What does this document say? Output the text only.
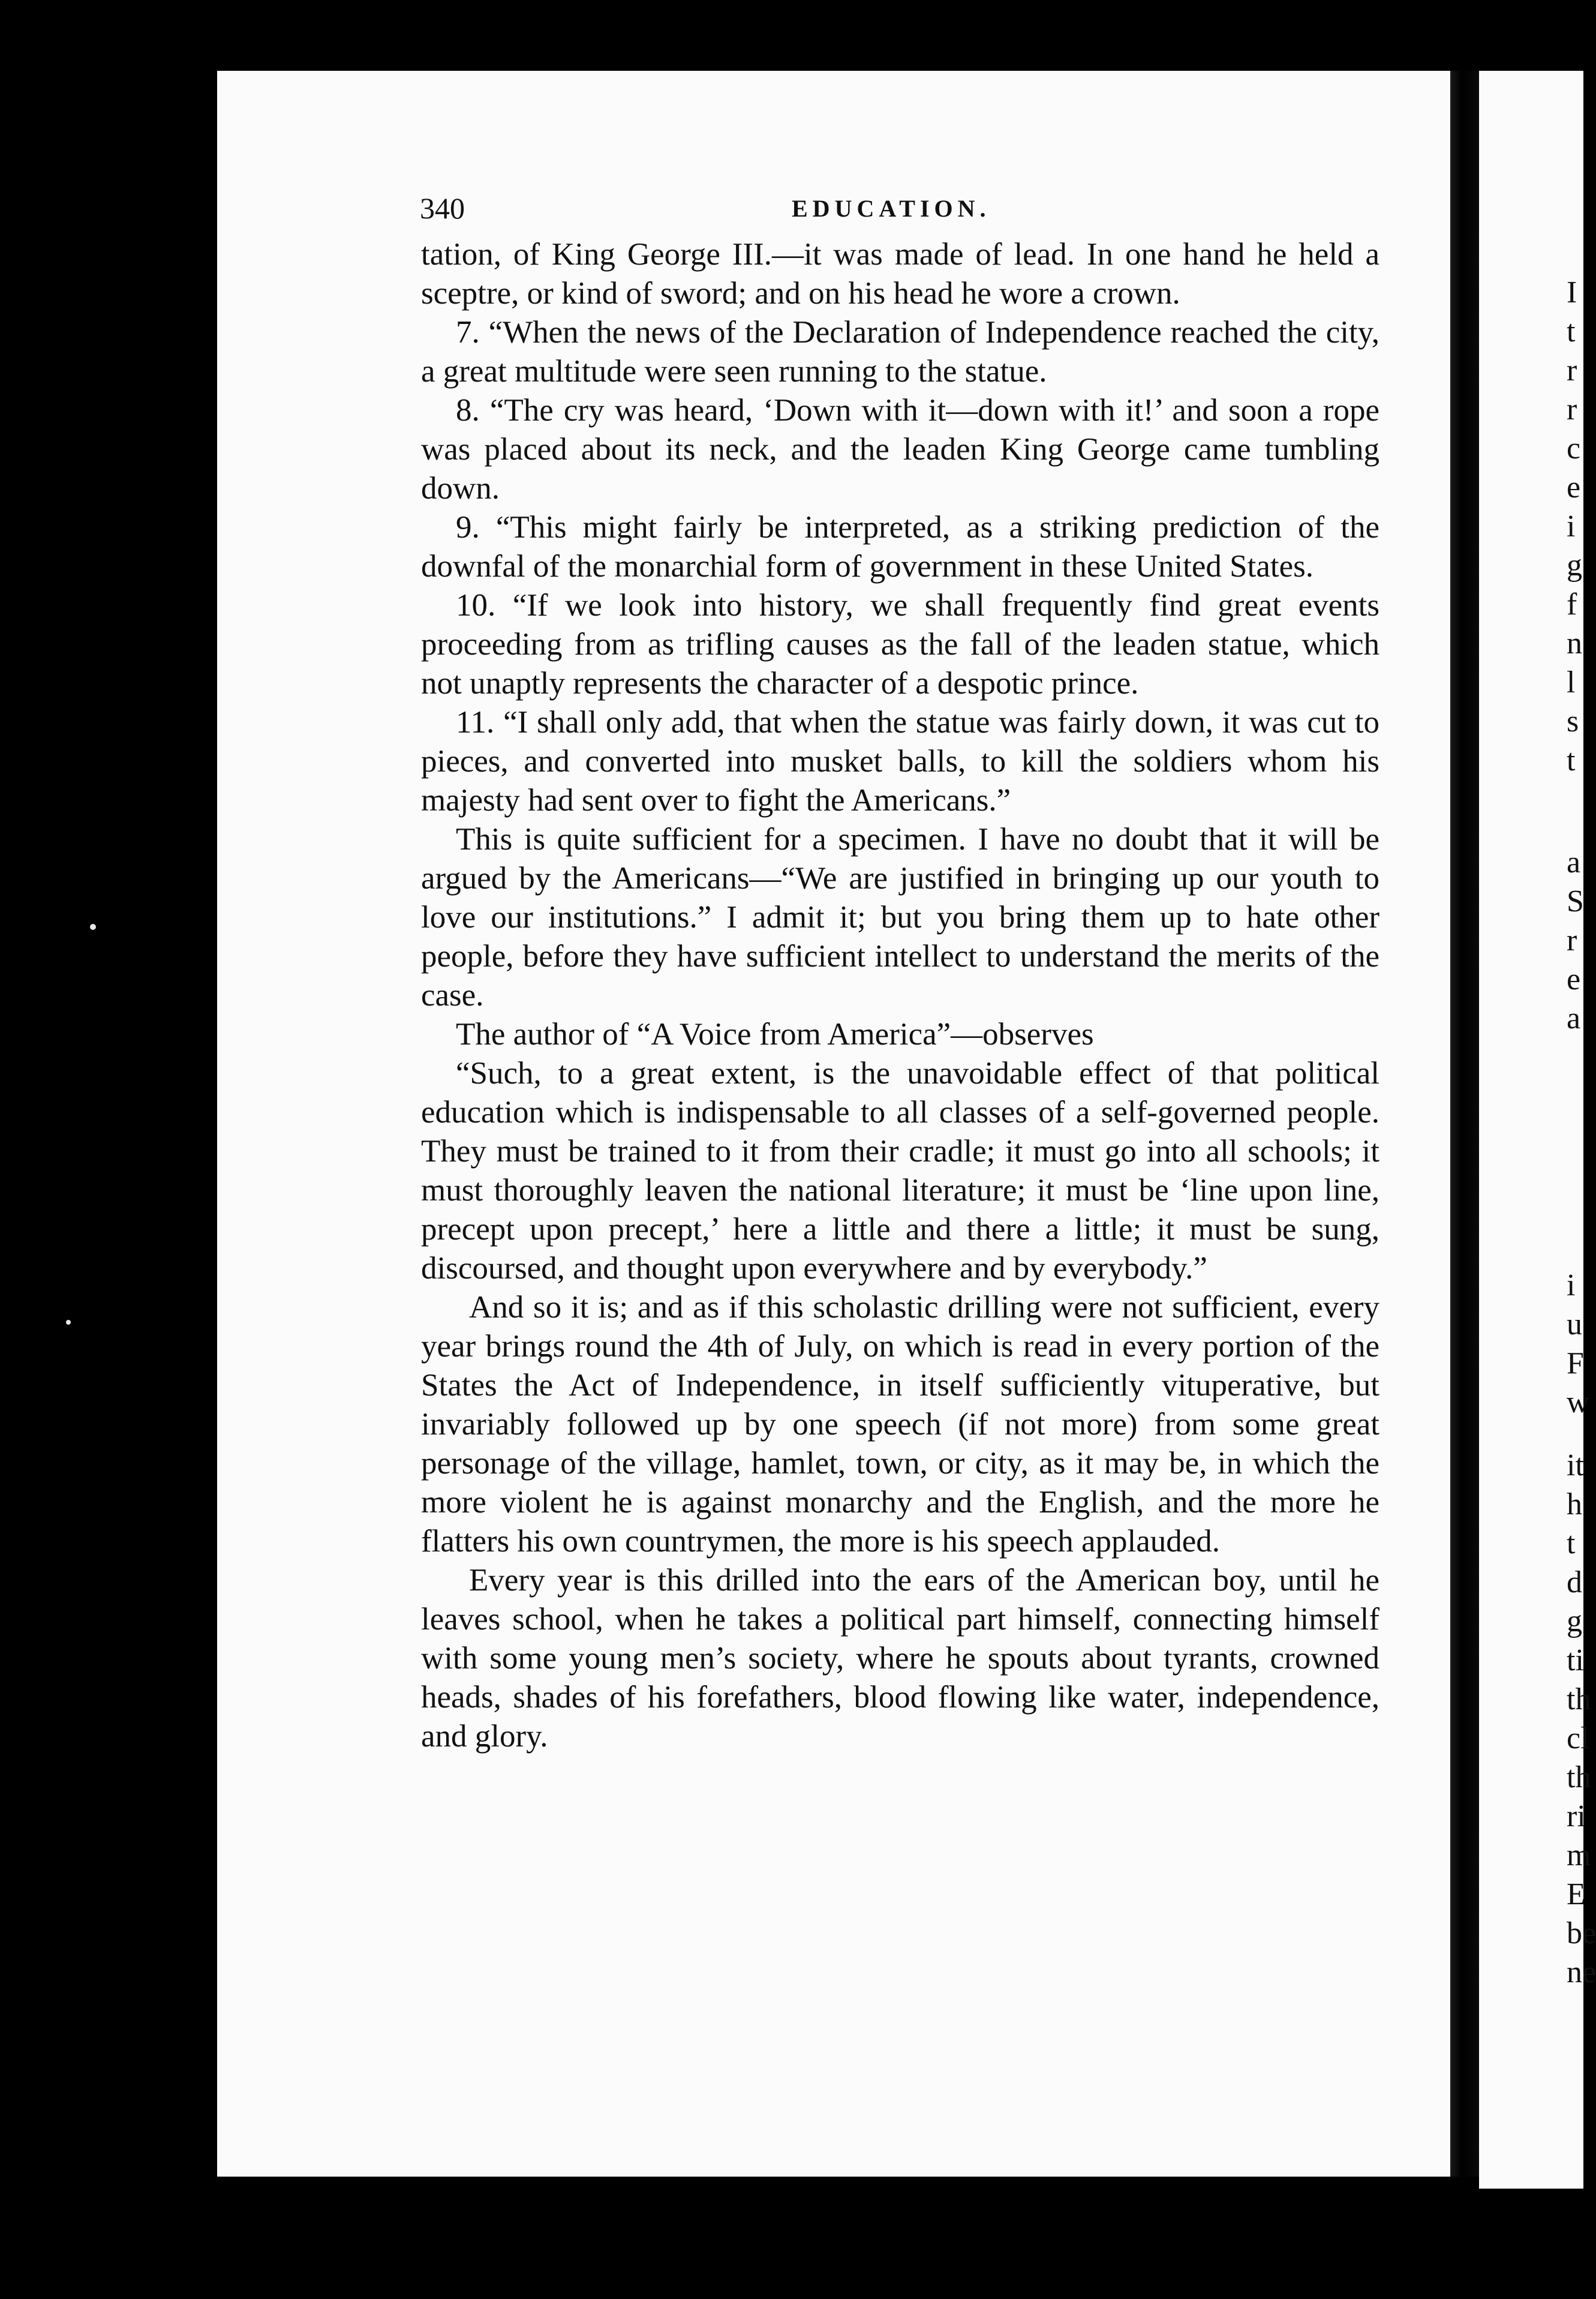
340	EDUCATION.

tation, of King George III.—it was made of lead. In one hand he held a sceptre, or kind of sword; and on his head he wore a crown.

7. “When the news of the Declaration of Independence reached the city, a great multitude were seen running to the statue.

8. “The cry was heard, ‘Down with it—down with it!’ and soon a rope was placed about its neck, and the leaden King George came tumbling down.

9. “This might fairly be interpreted, as a striking prediction of the downfal of the monarchial form of government in these United States.

10. “If we look into history, we shall frequently find great events proceeding from as trifling causes as the fall of the leaden statue, which not unaptly represents the character of a despotic prince.

11. “I shall only add, that when the statue was fairly down, it was cut to pieces, and converted into musket balls, to kill the soldiers whom his majesty had sent over to fight the Americans.”

This is quite sufficient for a specimen. I have no doubt that it will be argued by the Americans—“We are justified in bringing up our youth to love our institutions.” I admit it; but you bring them up to hate other people, before they have sufficient intellect to understand the merits of the case.

The author of “A Voice from America”—observes

“Such, to a great extent, is the unavoidable effect of that political education which is indispensable to all classes of a self-governed people. They must be trained to it from their cradle; it must go into all schools; it must thoroughly leaven the national literature; it must be ‘line upon line, precept upon precept,’ here a little and there a little; it must be sung, discoursed, and thought upon everywhere and by everybody.”

And so it is; and as if this scholastic drilling were not sufficient, every year brings round the 4th of July, on which is read in every portion of the States the Act of Independence, in itself sufficiently vituperative, but invariably followed up by one speech (if not more) from some great personage of the village, hamlet, town, or city, as it may be, in which the more violent he is against monarchy and the English, and the more he flatters his own countrymen, the more is his speech applauded.

Every year is this drilled into the ears of the American boy, until he leaves school, when he takes a political part himself, connecting himself with some young men’s society, where he spouts about tyrants, crowned heads, shades of his forefathers, blood flowing like water, independence, and glory.

I
t
r
r
c
e
i
g
f
n
l
s
t
a
S
r
e
a
i
u
F
w
it
h
t
d
g
ti
th
cl
th
ri
m
E
be
ne
